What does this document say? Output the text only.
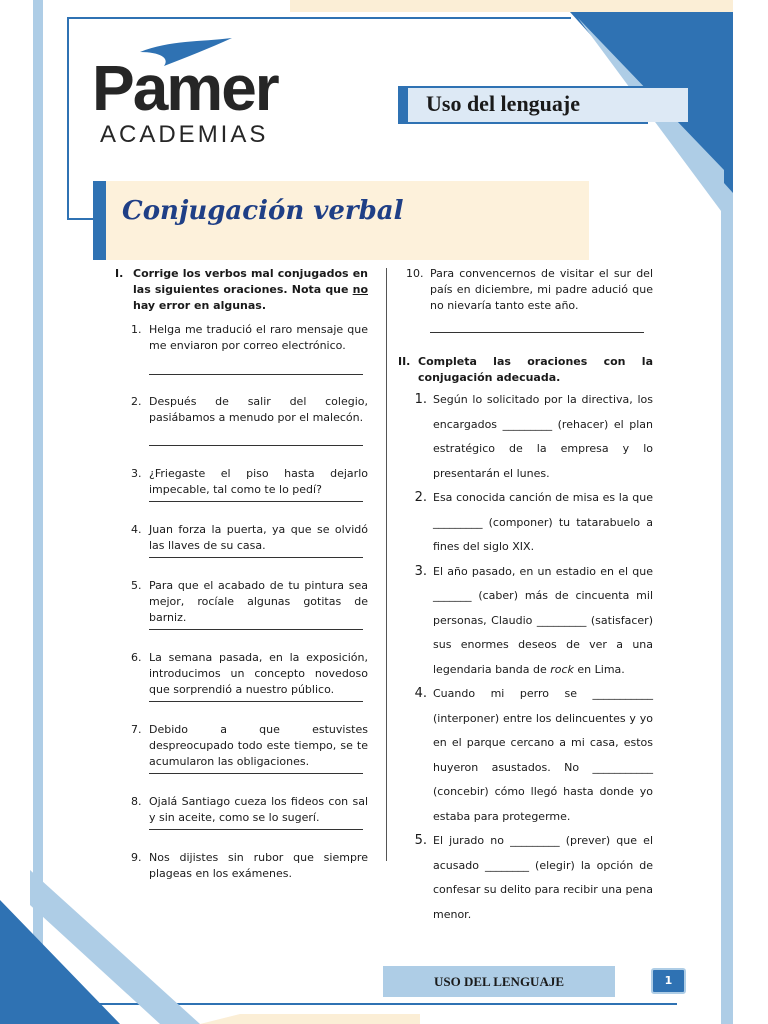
Pamer
ACADEMIAS
Uso del lenguaje
Conjugación verbal
I. Corrige los verbos mal conjugados en las siguientes oraciones. Nota que no hay error en algunas.
1. Helga me tradució el raro mensaje que me enviaron por correo electrónico.
2. Después de salir del colegio, pasiábamos a menudo por el malecón.
3. ¿Friegaste el piso hasta dejarlo impecable, tal como te lo pedí?
4. Juan forza la puerta, ya que se olvidó las llaves de su casa.
5. Para que el acabado de tu pintura sea mejor, rocíale algunas gotitas de barniz.
6. La semana pasada, en la exposición, introducimos un concepto novedoso que sorprendió a nuestro público.
7. Debido a que estuvistes despreocupado todo este tiempo, se te acumularon las obligaciones.
8. Ojalá Santiago cueza los fideos con sal y sin aceite, como se lo sugerí.
9. Nos dijistes sin rubor que siempre plageas en los exámenes.
10. Para convencernos de visitar el sur del país en diciembre, mi padre adució que no nievaría tanto este año.
II. Completa las oraciones con la conjugación adecuada.
1. Según lo solicitado por la directiva, los encargados _________ (rehacer) el plan estratégico de la empresa y lo presentarán el lunes.
2. Esa conocida canción de misa es la que _________ (componer) tu tatarabuelo a fines del siglo XIX.
3. El año pasado, en un estadio en el que _______ (caber) más de cincuenta mil personas, Claudio _________ (satisfacer) sus enormes deseos de ver a una legendaria banda de rock en Lima.
4. Cuando mi perro se ___________ (interponer) entre los delincuentes y yo en el parque cercano a mi casa, estos huyeron asustados. No ___________ (concebir) cómo llegó hasta donde yo estaba para protegerme.
5. El jurado no _________ (prever) que el acusado ________ (elegir) la opción de confesar su delito para recibir una pena menor.
USO DEL LENGUAJE	1
